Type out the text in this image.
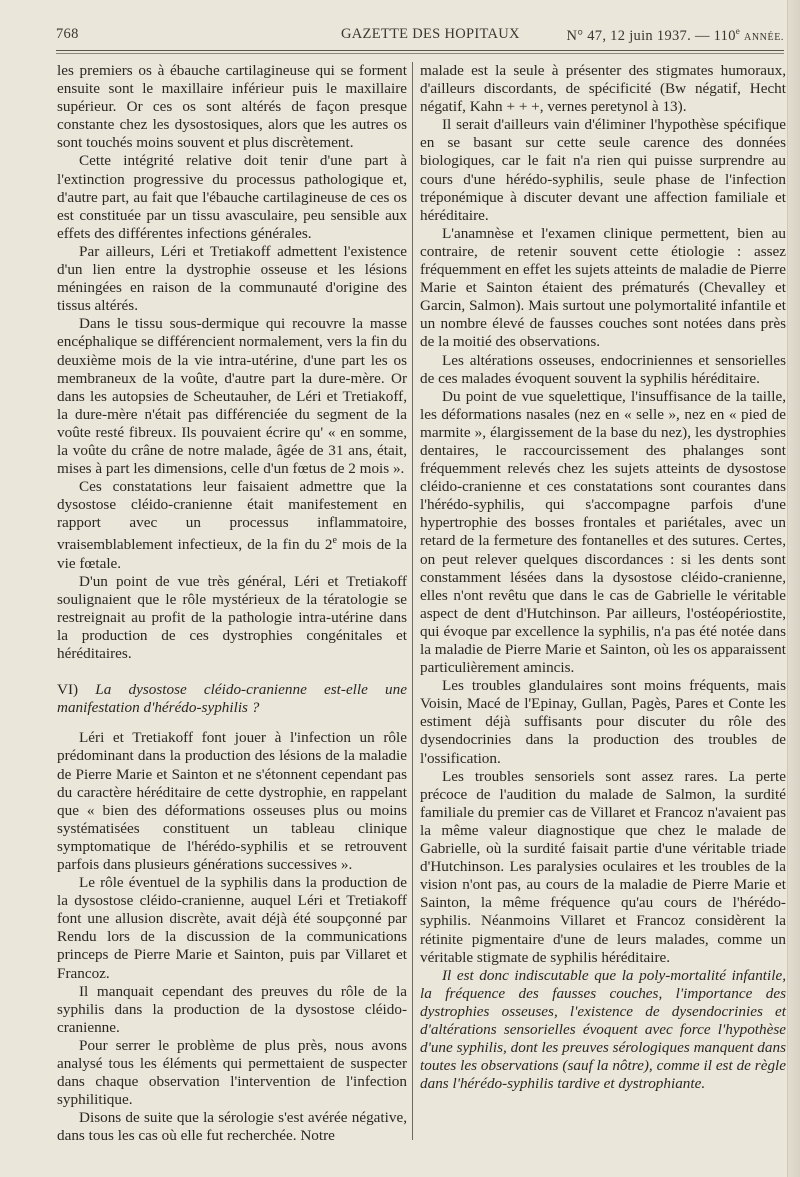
768	GAZETTE DES HOPITAUX	N° 47, 12 juin 1937. — 110e ANNÉE.

les premiers os à ébauche cartilagineuse qui se forment ensuite sont le maxillaire inférieur puis le maxillaire supérieur. Or ces os sont altérés de façon presque constante chez les dysostosiques, alors que les autres os sont touchés moins souvent et plus discrètement.

Cette intégrité relative doit tenir d'une part à l'extinction progressive du processus pathologique et, d'autre part, au fait que l'ébauche cartilagineuse de ces os est constituée par un tissu avasculaire, peu sensible aux effets des différentes infections générales.

Par ailleurs, Léri et Tretiakoff admettent l'existence d'un lien entre la dystrophie osseuse et les lésions méningées en raison de la communauté d'origine des tissus altérés.

Dans le tissu sous-dermique qui recouvre la masse encéphalique se différencient normalement, vers la fin du deuxième mois de la vie intra-utérine, d'une part les os membraneux de la voûte, d'autre part la dure-mère. Or dans les autopsies de Scheutauher, de Léri et Tretiakoff, la dure-mère n'était pas différenciée du segment de la voûte resté fibreux. Ils pouvaient écrire qu' « en somme, la voûte du crâne de notre malade, âgée de 31 ans, était, mises à part les dimensions, celle d'un fœtus de 2 mois ».

Ces constatations leur faisaient admettre que la dysostose cléido-cranienne était manifestement en rapport avec un processus inflammatoire, vraisemblablement infectieux, de la fin du 2e mois de la vie fœtale.

D'un point de vue très général, Léri et Tretiakoff soulignaient que le rôle mystérieux de la tératologie se restreignait au profit de la pathologie intra-utérine dans la production de ces dystrophies congénitales et héréditaires.

VI) La dysostose cléido-cranienne est-elle une manifestation d'hérédo-syphilis ?

Léri et Tretiakoff font jouer à l'infection un rôle prédominant dans la production des lésions de la maladie de Pierre Marie et Sainton et ne s'étonnent cependant pas du caractère héréditaire de cette dystrophie, en rappelant que « bien des déformations osseuses plus ou moins systématisées constituent un tableau clinique symptomatique de l'hérédo-syphilis et se retrouvent parfois dans plusieurs générations successives ».

Le rôle éventuel de la syphilis dans la production de la dysostose cléido-cranienne, auquel Léri et Tretiakoff font une allusion discrète, avait déjà été soupçonné par Rendu lors de la discussion de la communications princeps de Pierre Marie et Sainton, puis par Villaret et Francoz.

Il manquait cependant des preuves du rôle de la syphilis dans la production de la dysostose cléido-cranienne.

Pour serrer le problème de plus près, nous avons analysé tous les éléments qui permettaient de suspecter dans chaque observation l'intervention de l'infection syphilitique.

Disons de suite que la sérologie s'est avérée négative, dans tous les cas où elle fut recherchée. Notre

malade est la seule à présenter des stigmates humoraux, d'ailleurs discordants, de spécificité (Bw négatif, Hecht négatif, Kahn + + +, vernes peretynol à 13).

Il serait d'ailleurs vain d'éliminer l'hypothèse spécifique en se basant sur cette seule carence des données biologiques, car le fait n'a rien qui puisse surprendre au cours d'une hérédo-syphilis, seule phase de l'infection tréponémique à discuter devant une affection familiale et héréditaire.

L'anamnèse et l'examen clinique permettent, bien au contraire, de retenir souvent cette étiologie : assez fréquemment en effet les sujets atteints de maladie de Pierre Marie et Sainton étaient des prématurés (Chevalley et Garcin, Salmon). Mais surtout une polymortalité infantile et un nombre élevé de fausses couches sont notées dans près de la moitié des observations.

Les altérations osseuses, endocriniennes et sensorielles de ces malades évoquent souvent la syphilis héréditaire.

Du point de vue squelettique, l'insuffisance de la taille, les déformations nasales (nez en « selle », nez en « pied de marmite », élargissement de la base du nez), les dystrophies dentaires, le raccourcissement des phalanges sont fréquemment relevés chez les sujets atteints de dysostose cléido-cranienne et ces constatations sont courantes dans l'hérédo-syphilis, qui s'accompagne parfois d'une hypertrophie des bosses frontales et pariétales, avec un retard de la fermeture des fontanelles et des sutures. Certes, on peut relever quelques discordances : si les dents sont constamment lésées dans la dysostose cléido-cranienne, elles n'ont revêtu que dans le cas de Gabrielle le véritable aspect de dent d'Hutchinson. Par ailleurs, l'ostéopériostite, qui évoque par excellence la syphilis, n'a pas été notée dans la maladie de Pierre Marie et Sainton, où les os apparaissent particulièrement amincis.

Les troubles glandulaires sont moins fréquents, mais Voisin, Macé de l'Epinay, Gullan, Pagès, Pares et Conte les estiment déjà suffisants pour discuter du rôle des dysendocrinies dans la production des troubles de l'ossification.

Les troubles sensoriels sont assez rares. La perte précoce de l'audition du malade de Salmon, la surdité familiale du premier cas de Villaret et Francoz n'avaient pas la même valeur diagnostique que chez le malade de Gabrielle, où la surdité faisait partie d'une véritable triade d'Hutchinson. Les paralysies oculaires et les troubles de la vision n'ont pas, au cours de la maladie de Pierre Marie et Sainton, la même fréquence qu'au cours de l'hérédo-syphilis. Néanmoins Villaret et Francoz considèrent la rétinite pigmentaire d'une de leurs malades, comme un véritable stigmate de syphilis héréditaire.

Il est donc indiscutable que la poly-mortalité infantile, la fréquence des fausses couches, l'importance des dystrophies osseuses, l'existence de dysendocrinies et d'altérations sensorielles évoquent avec force l'hypothèse d'une syphilis, dont les preuves sérologiques manquent dans toutes les observations (sauf la nôtre), comme il est de règle dans l'hérédo-syphilis tardive et dystrophiante.
